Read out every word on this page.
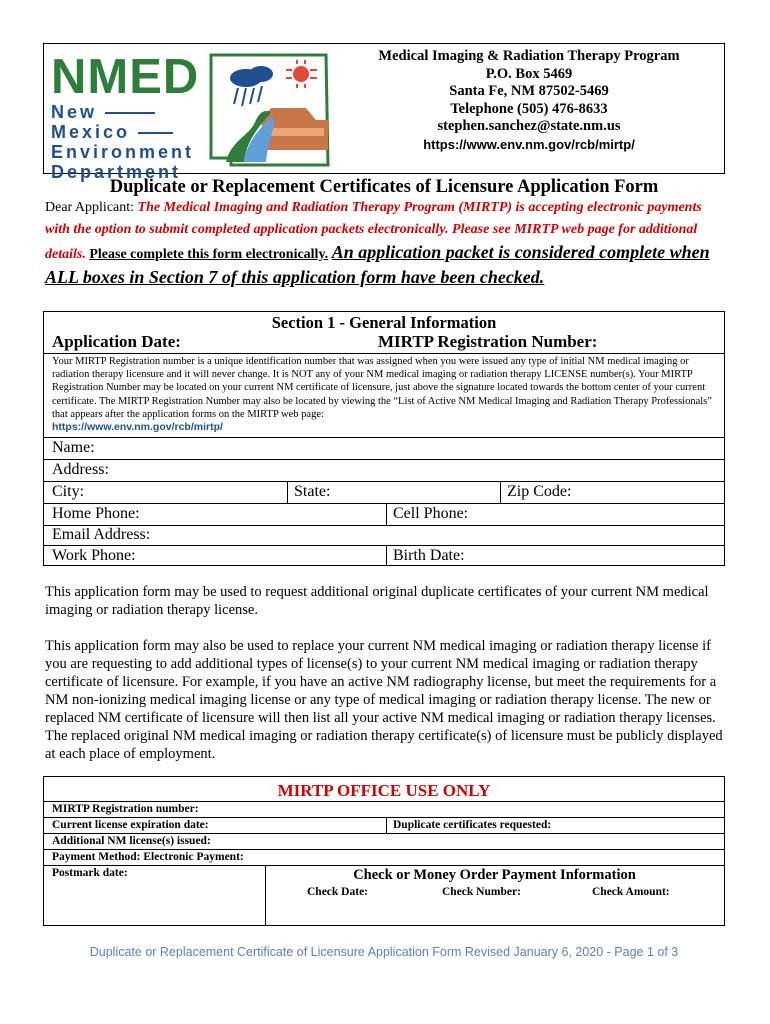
NMED
New
Mexico
Environment
Department
Medical Imaging & Radiation Therapy Program
P.O. Box 5469
Santa Fe, NM 87502-5469
Telephone (505) 476-8633
stephen.sanchez@state.nm.us
https://www.env.nm.gov/rcb/mirtp/
Duplicate or Replacement Certificates of Licensure Application Form
Dear Applicant: The Medical Imaging and Radiation Therapy Program (MIRTP) is accepting electronic payments with the option to submit completed application packets electronically. Please see MIRTP web page for additional details. Please complete this form electronically. An application packet is considered complete when ALL boxes in Section 7 of this application form have been checked.
Section 1 - General Information
Application Date:	MIRTP Registration Number:
Your MIRTP Registration number is a unique identification number that was assigned when you were issued any type of initial NM medical imaging or radiation therapy licensure and it will never change. It is NOT any of your NM medical imaging or radiation therapy LICENSE number(s). Your MIRTP Registration Number may be located on your current NM certificate of licensure, just above the signature located towards the bottom center of your current certificate. The MIRTP Registration Number may also be located by viewing the “List of Active NM Medical Imaging and Radiation Therapy Professionals” that appears after the application forms on the MIRTP web page:
https://www.env.nm.gov/rcb/mirtp/
Name:
Address:
City:	State:	Zip Code:
Home Phone:	Cell Phone:
Email Address:
Work Phone:	Birth Date:
This application form may be used to request additional original duplicate certificates of your current NM medical imaging or radiation therapy license.
This application form may also be used to replace your current NM medical imaging or radiation therapy license if you are requesting to add additional types of license(s) to your current NM medical imaging or radiation therapy certificate of licensure. For example, if you have an active NM radiography license, but meet the requirements for a NM non-ionizing medical imaging license or any type of medical imaging or radiation therapy license. The new or replaced NM certificate of licensure will then list all your active NM medical imaging or radiation therapy licenses. The replaced original NM medical imaging or radiation therapy certificate(s) of licensure must be publicly displayed at each place of employment.
MIRTP OFFICE USE ONLY
MIRTP Registration number:
Current license expiration date:	Duplicate certificates requested:
Additional NM license(s) issued:
Payment Method: Electronic Payment:
Postmark date:	Check or Money Order Payment Information
Check Date:	Check Number:	Check Amount:
Duplicate or Replacement Certificate of Licensure Application Form Revised January 6, 2020 - Page 1 of 3
